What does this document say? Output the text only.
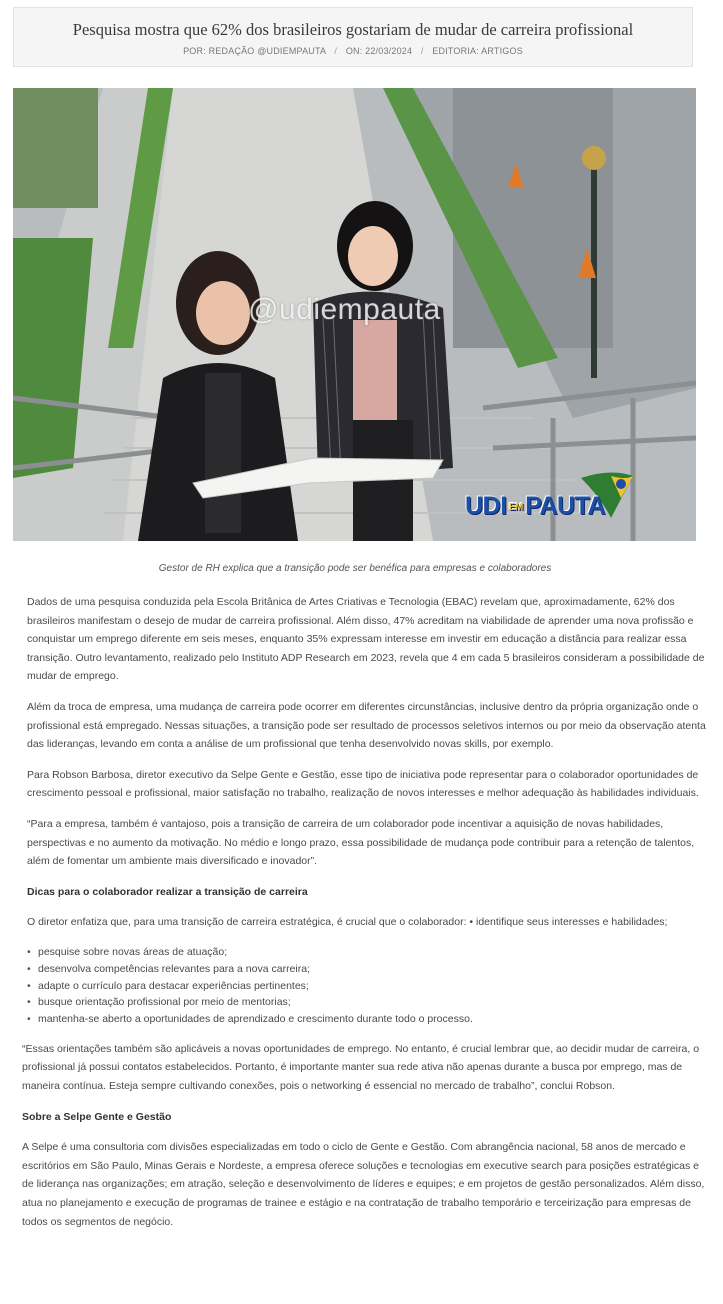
Pesquisa mostra que 62% dos brasileiros gostariam de mudar de carreira profissional
POR: REDAÇÃO @UDIEMPAUTA / ON: 22/03/2024 / EDITORIA: ARTIGOS
@udiempauta
UDI EM PAUTA
Gestor de RH explica que a transição pode ser benéfica para empresas e colaboradores

Dados de uma pesquisa conduzida pela Escola Britânica de Artes Criativas e Tecnologia (EBAC) revelam que, aproximadamente, 62% dos brasileiros manifestam o desejo de mudar de carreira profissional. Além disso, 47% acreditam na viabilidade de aprender uma nova profissão e conquistar um emprego diferente em seis meses, enquanto 35% expressam interesse em investir em educação a distância para realizar essa transição. Outro levantamento, realizado pelo Instituto ADP Research em 2023, revela que 4 em cada 5 brasileiros consideram a possibilidade de mudar de emprego.

Além da troca de empresa, uma mudança de carreira pode ocorrer em diferentes circunstâncias, inclusive dentro da própria organização onde o profissional está empregado. Nessas situações, a transição pode ser resultado de processos seletivos internos ou por meio da observação atenta das lideranças, levando em conta a análise de um profissional que tenha desenvolvido novas skills, por exemplo.

Para Robson Barbosa, diretor executivo da Selpe Gente e Gestão, esse tipo de iniciativa pode representar para o colaborador oportunidades de crescimento pessoal e profissional, maior satisfação no trabalho, realização de novos interesses e melhor adequação às habilidades individuais.

“Para a empresa, também é vantajoso, pois a transição de carreira de um colaborador pode incentivar a aquisição de novas habilidades, perspectivas e no aumento da motivação. No médio e longo prazo, essa possibilidade de mudança pode contribuir para a retenção de talentos, além de fomentar um ambiente mais diversificado e inovador”.

Dicas para o colaborador realizar a transição de carreira

O diretor enfatiza que, para uma transição de carreira estratégica, é crucial que o colaborador: • identifique seus interesses e habilidades;

• pesquise sobre novas áreas de atuação;
• desenvolva competências relevantes para a nova carreira;
• adapte o currículo para destacar experiências pertinentes;
• busque orientação profissional por meio de mentorias;
• mantenha-se aberto a oportunidades de aprendizado e crescimento durante todo o processo.

“Essas orientações também são aplicáveis a novas oportunidades de emprego. No entanto, é crucial lembrar que, ao decidir mudar de carreira, o profissional já possui contatos estabelecidos. Portanto, é importante manter sua rede ativa não apenas durante a busca por emprego, mas de maneira contínua. Esteja sempre cultivando conexões, pois o networking é essencial no mercado de trabalho”, conclui Robson.

Sobre a Selpe Gente e Gestão

A Selpe é uma consultoria com divisões especializadas em todo o ciclo de Gente e Gestão. Com abrangência nacional, 58 anos de mercado e escritórios em São Paulo, Minas Gerais e Nordeste, a empresa oferece soluções e tecnologias em executive search para posições estratégicas e de liderança nas organizações; em atração, seleção e desenvolvimento de líderes e equipes; e em projetos de gestão personalizados. Além disso, atua no planejamento e execução de programas de trainee e estágio e na contratação de trabalho temporário e terceirização para empresas de todos os segmentos de negócio.
